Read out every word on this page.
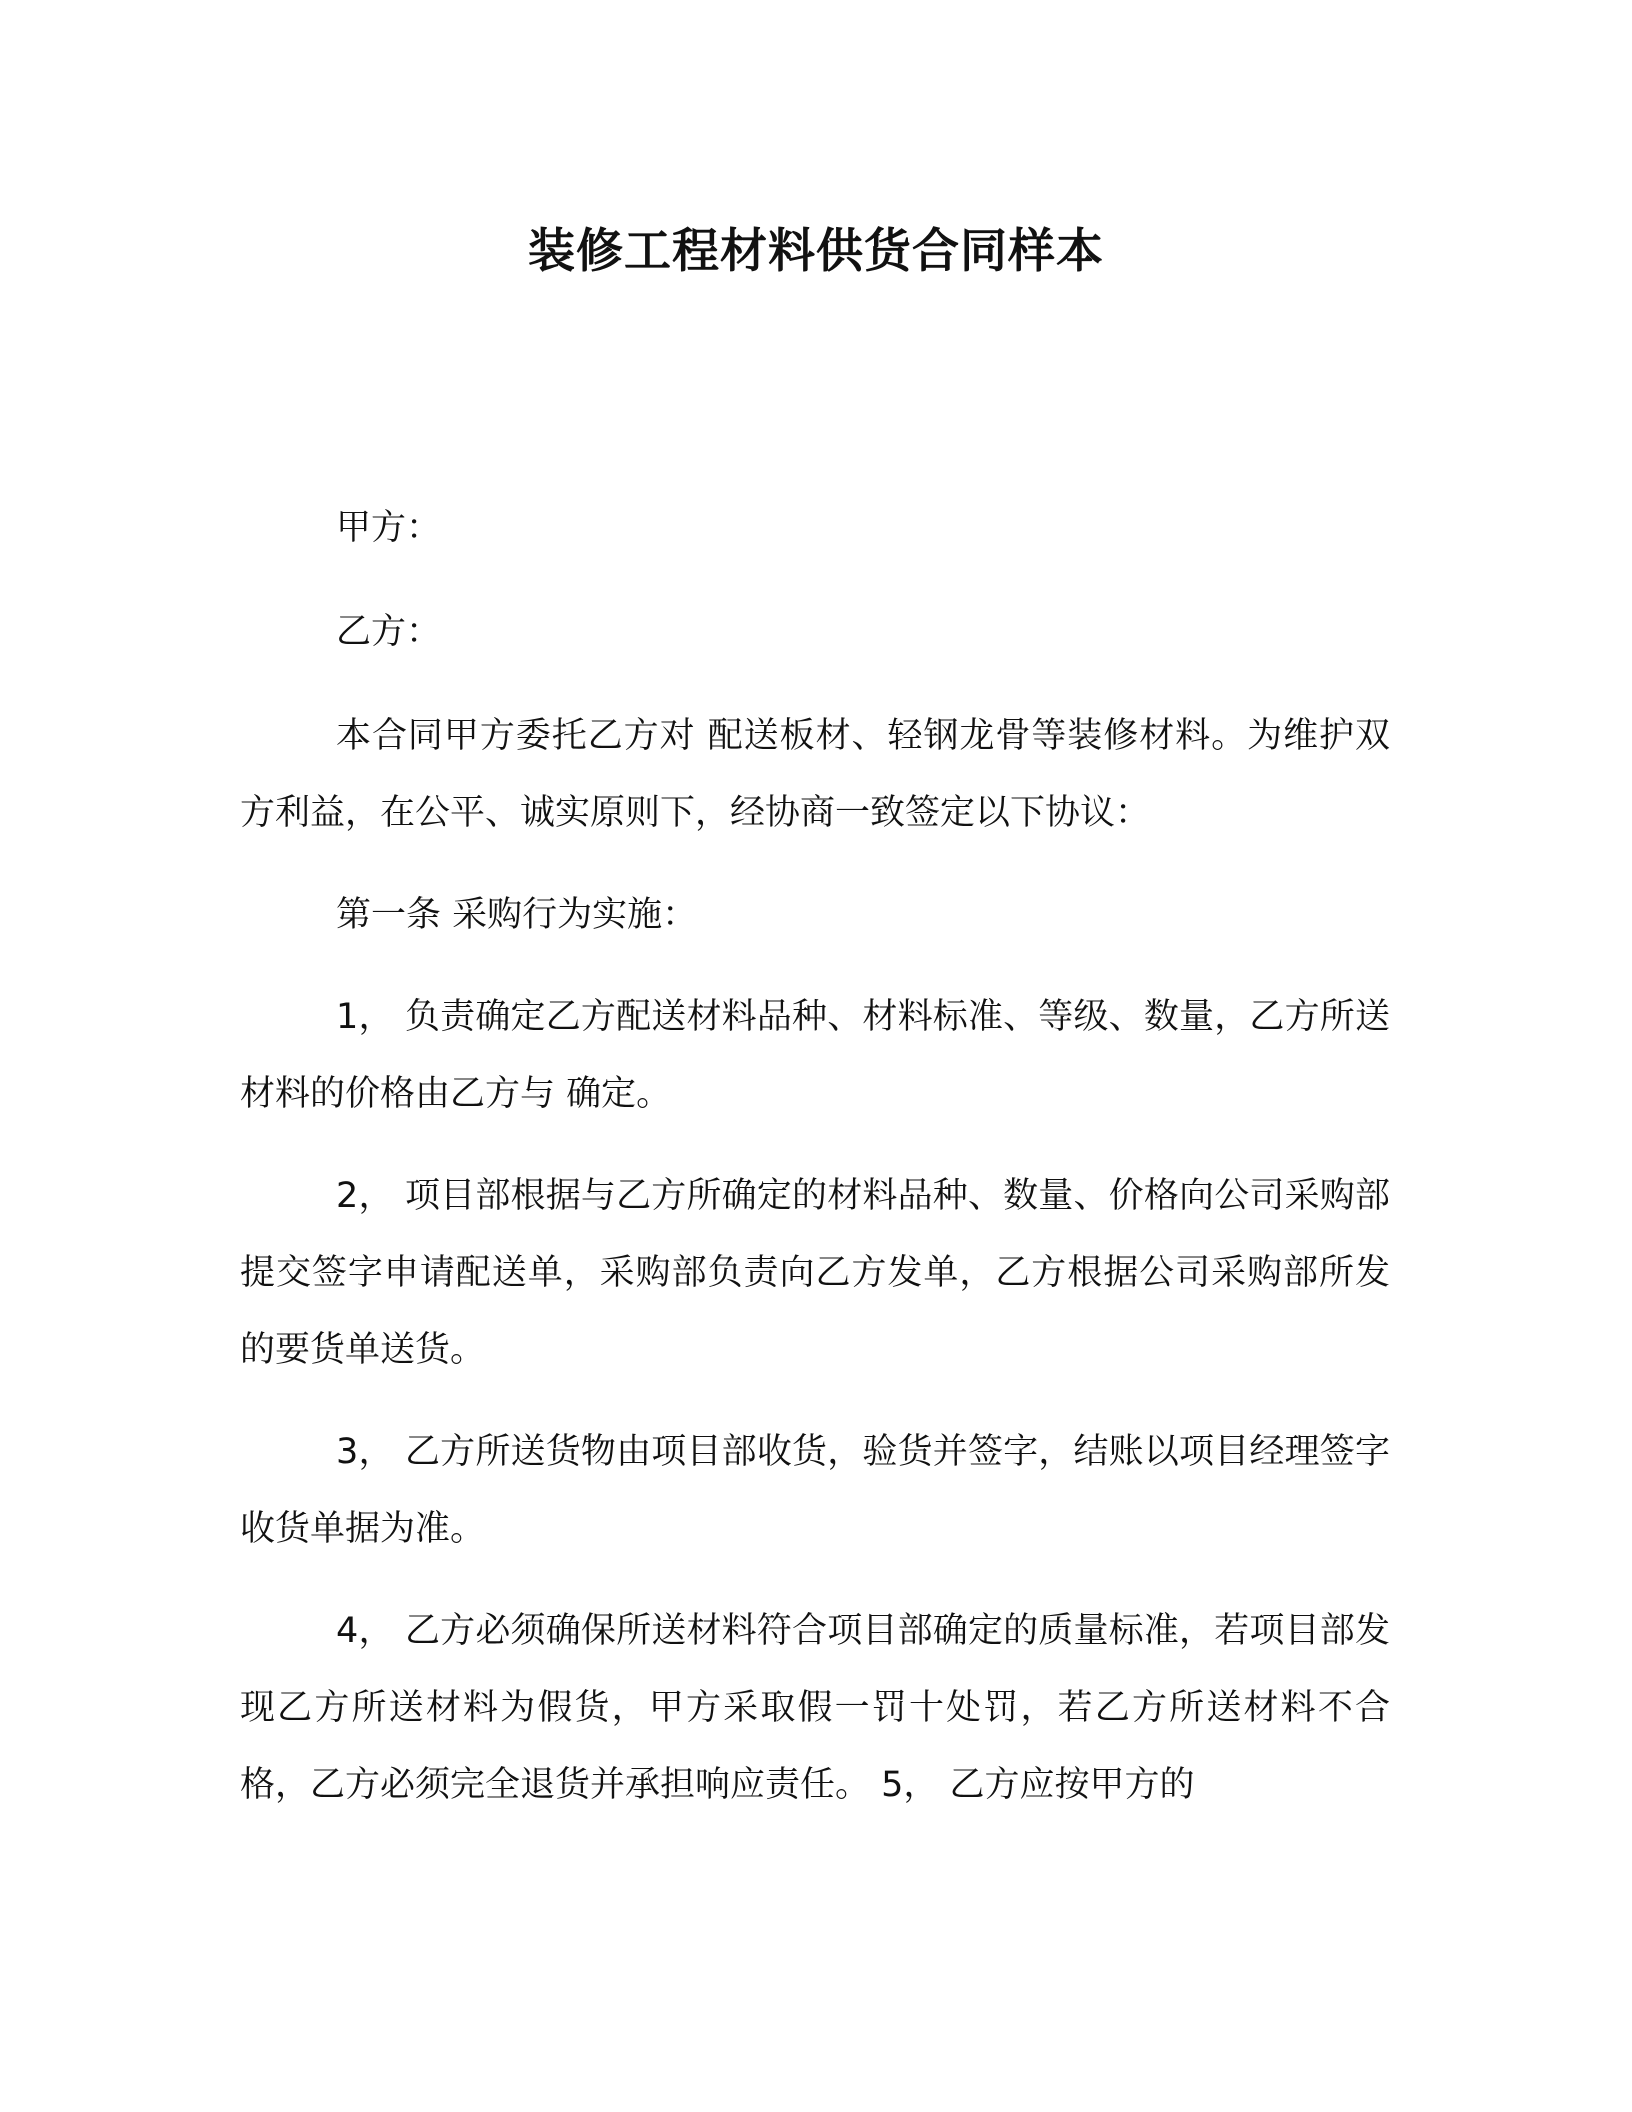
装修工程材料供货合同样本

甲方：

乙方：

本合同甲方委托乙方对 配送板材、轻钢龙骨等装修材料。为维护双方利益，在公平、诚实原则下，经协商一致签定以下协议：

第一条 采购行为实施：

1， 负责确定乙方配送材料品种、材料标准、等级、数量，乙方所送材料的价格由乙方与 确定。

2， 项目部根据与乙方所确定的材料品种、数量、价格向公司采购部提交签字申请配送单，采购部负责向乙方发单，乙方根据公司采购部所发的要货单送货。

3， 乙方所送货物由项目部收货，验货并签字，结账以项目经理签字收货单据为准。

4， 乙方必须确保所送材料符合项目部确定的质量标准，若项目部发现乙方所送材料为假货，甲方采取假一罚十处罚，若乙方所送材料不合格，乙方必须完全退货并承担响应责任。 5， 乙方应按甲方的
